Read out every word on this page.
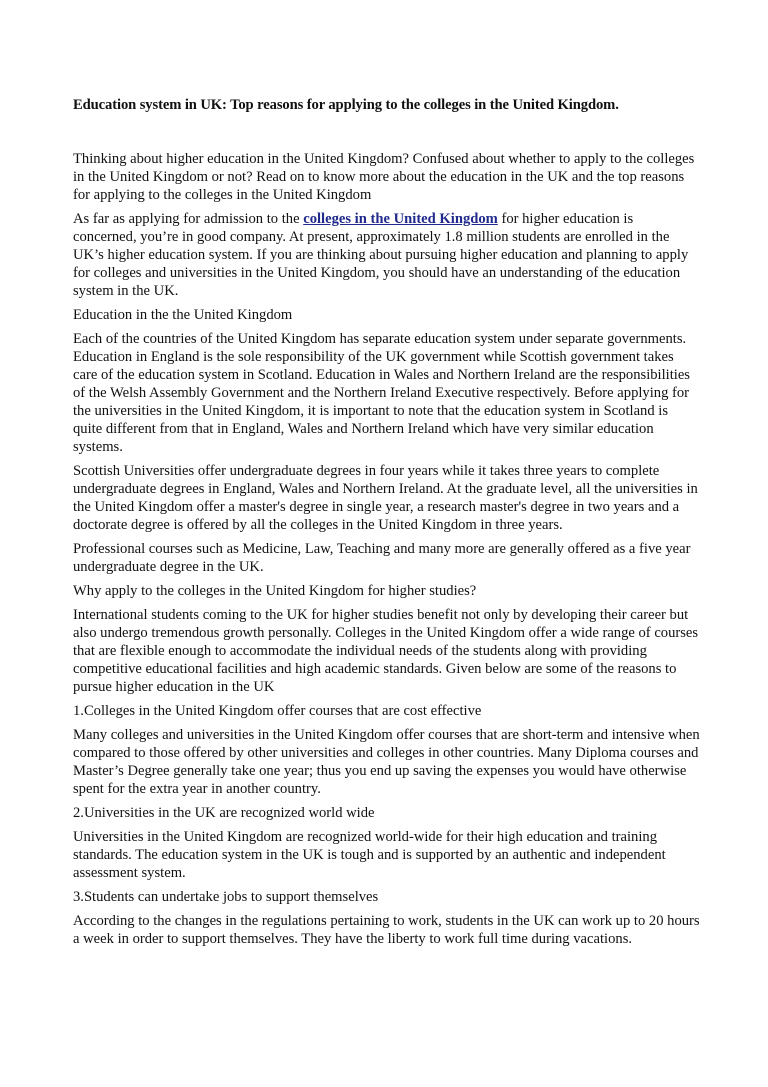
Education system in UK: Top reasons for applying to the colleges in the United Kingdom.

Thinking about higher education in the United Kingdom? Confused about whether to apply to the colleges in the United Kingdom or not? Read on to know more about the education in the UK and the top reasons for applying to the colleges in the United Kingdom

As far as applying for admission to the colleges in the United Kingdom for higher education is concerned, you’re in good company. At present, approximately 1.8 million students are enrolled in the UK’s higher education system. If you are thinking about pursuing higher education and planning to apply for colleges and universities in the United Kingdom, you should have an understanding of the education system in the UK.

Education in the the United Kingdom

Each of the countries of the United Kingdom has separate education system under separate governments. Education in England is the sole responsibility of the UK government while Scottish government takes care of the education system in Scotland. Education in Wales and Northern Ireland are the responsibilities of the Welsh Assembly Government and the Northern Ireland Executive respectively. Before applying for the universities in the United Kingdom, it is important to note that the education system in Scotland is quite different from that in England, Wales and Northern Ireland which have very similar education systems.

Scottish Universities offer undergraduate degrees in four years while it takes three years to complete undergraduate degrees in England, Wales and Northern Ireland. At the graduate level, all the universities in the United Kingdom offer a master's degree in single year, a research master's degree in two years and a doctorate degree is offered by all the colleges in the United Kingdom in three years.

Professional courses such as Medicine, Law, Teaching and many more are generally offered as a five year undergraduate degree in the UK.

Why apply to the colleges in the United Kingdom for higher studies?

International students coming to the UK for higher studies benefit not only by developing their career but also undergo tremendous growth personally. Colleges in the United Kingdom offer a wide range of courses that are flexible enough to accommodate the individual needs of the students along with providing competitive educational facilities and high academic standards. Given below are some of the reasons to pursue higher education in the UK

1.Colleges in the United Kingdom offer courses that are cost effective

Many colleges and universities in the United Kingdom offer courses that are short-term and intensive when compared to those offered by other universities and colleges in other countries. Many Diploma courses and Master’s Degree generally take one year; thus you end up saving the expenses you would have otherwise spent for the extra year in another country.

2.Universities in the UK are recognized world wide

Universities in the United Kingdom are recognized world-wide for their high education and training standards. The education system in the UK is tough and is supported by an authentic and independent assessment system.

3.Students can undertake jobs to support themselves

According to the changes in the regulations pertaining to work, students in the UK can work up to 20 hours a week in order to support themselves. They have the liberty to work full time during vacations.
